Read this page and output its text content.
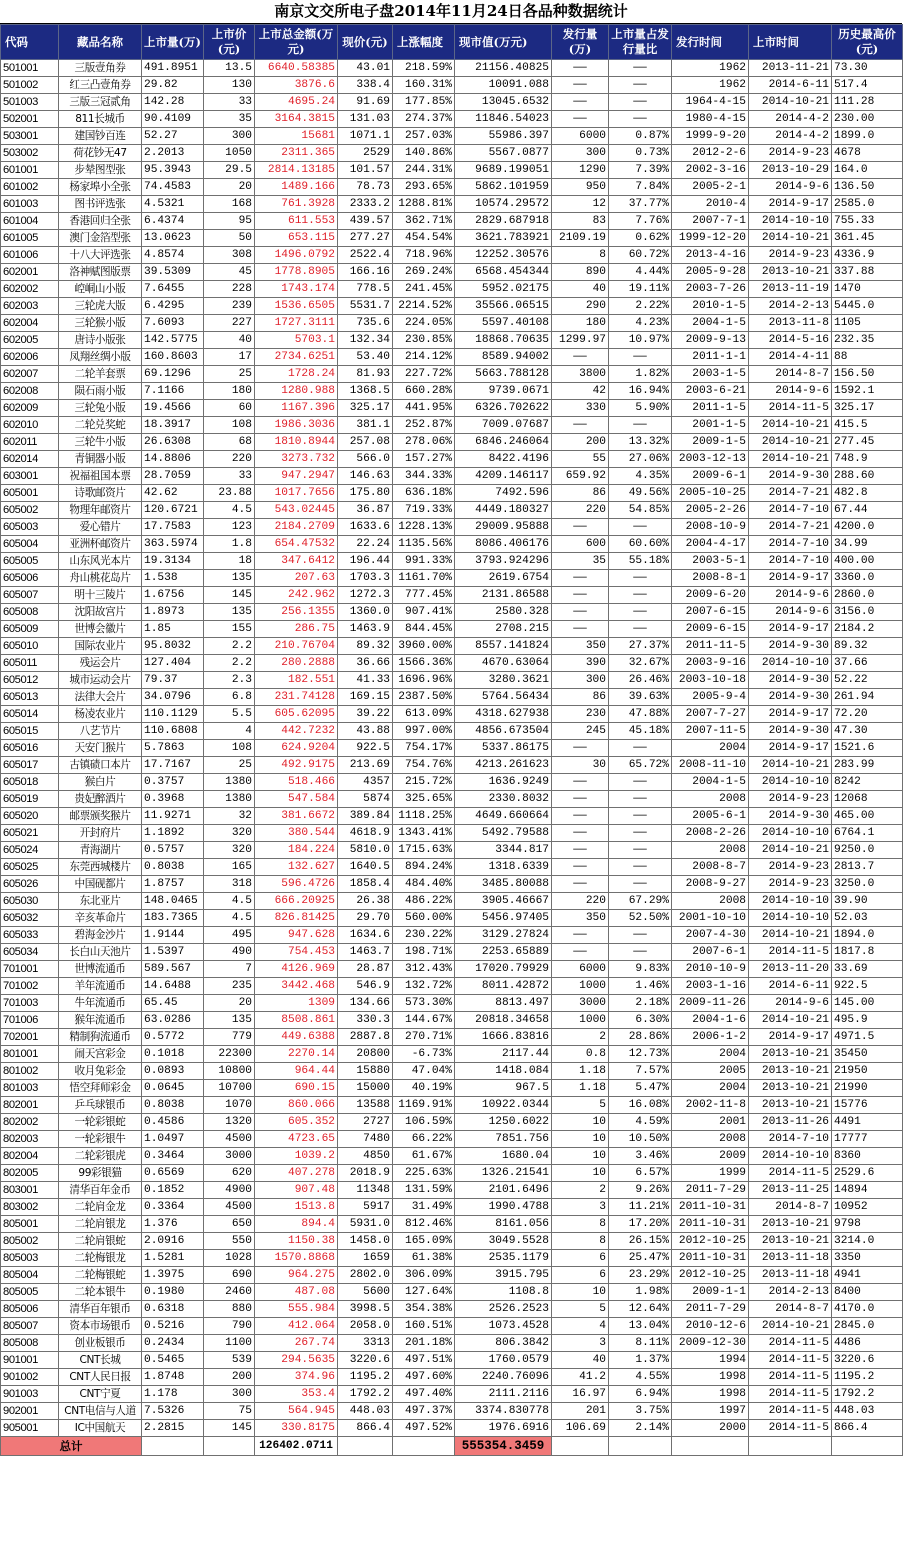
南京文交所电子盘2014年11月24日各品种数据统计
代码	藏品名称	上市量(万)	上市价(元)	上市总金额(万元)	现价(元)	上涨幅度	现市值(万元)	发行量(万)	上市量占发行量比	发行时间	上市时间	历史最高价(元)
501001	三版壹角券	491.8951	13.5	6640.58385	43.01	218.59%	21156.40825	——	——	1962	2013-11-21	73.30
501002	红三凸壹角券	29.82	130	3876.6	338.4	160.31%	10091.088	——	——	1962	2014-6-11	517.4
501003	三版三冠贰角	142.28	33	4695.24	91.69	177.85%	13045.6532	——	——	1964-4-15	2014-10-21	111.28
502001	811长城币	90.4109	35	3164.3815	131.03	274.37%	11846.54023	——	——	1980-4-15	2014-4-2	230.00
503001	建国钞百连	52.27	300	15681	1071.1	257.03%	55986.397	6000	0.87%	1999-9-20	2014-4-2	1899.0
503002	荷花钞无47	2.2013	1050	2311.365	2529	140.86%	5567.0877	300	0.73%	2012-2-6	2014-9-23	4678
601001	步辇图型张	95.3943	29.5	2814.13185	101.57	244.31%	9689.199051	1290	7.39%	2002-3-16	2013-10-29	164.0
601002	杨家埠小全张	74.4583	20	1489.166	78.73	293.65%	5862.101959	950	7.84%	2005-2-1	2014-9-6	136.50
601003	图书评选张	4.5321	168	761.3928	2333.2	1288.81%	10574.29572	12	37.77%	2010-4	2014-9-17	2585.0
601004	香港回归全张	6.4374	95	611.553	439.57	362.71%	2829.687918	83	7.76%	2007-7-1	2014-10-10	755.33
601005	澳门金箔型张	13.0623	50	653.115	277.27	454.54%	3621.783921	2109.19	0.62%	1999-12-20	2014-10-21	361.45
601006	十八大评选张	4.8574	308	1496.0792	2522.4	718.96%	12252.30576	8	60.72%	2013-4-16	2014-9-23	4336.9
602001	洛神赋图版票	39.5309	45	1778.8905	166.16	269.24%	6568.454344	890	4.44%	2005-9-28	2013-10-21	337.88
602002	崆峒山小版	7.6455	228	1743.174	778.5	241.45%	5952.02175	40	19.11%	2003-7-26	2013-11-19	1470
602003	三轮虎大版	6.4295	239	1536.6505	5531.7	2214.52%	35566.06515	290	2.22%	2010-1-5	2014-2-13	5445.0
602004	三轮猴小版	7.6093	227	1727.3111	735.6	224.05%	5597.40108	180	4.23%	2004-1-5	2013-11-8	1105
602005	唐诗小版张	142.5775	40	5703.1	132.34	230.85%	18868.70635	1299.97	10.97%	2009-9-13	2014-5-16	232.35
602006	凤翔丝绸小版	160.8603	17	2734.6251	53.40	214.12%	8589.94002	——	——	2011-1-1	2014-4-11	88
602007	二轮羊套票	69.1296	25	1728.24	81.93	227.72%	5663.788128	3800	1.82%	2003-1-5	2014-8-7	156.50
602008	陨石雨小版	7.1166	180	1280.988	1368.5	660.28%	9739.0671	42	16.94%	2003-6-21	2014-9-6	1592.1
602009	三轮兔小版	19.4566	60	1167.396	325.17	441.95%	6326.702622	330	5.90%	2011-1-5	2014-11-5	325.17
602010	二轮兑奖蛇	18.3917	108	1986.3036	381.1	252.87%	7009.07687	——	——	2001-1-5	2014-10-21	415.5
602011	三轮牛小版	26.6308	68	1810.8944	257.08	278.06%	6846.246064	200	13.32%	2009-1-5	2014-10-21	277.45
602014	青铜器小版	14.8806	220	3273.732	566.0	157.27%	8422.4196	55	27.06%	2003-12-13	2014-10-21	748.9
603001	祝福祖国本票	28.7059	33	947.2947	146.63	344.33%	4209.146117	659.92	4.35%	2009-6-1	2014-9-30	288.60
605001	诗歌邮资片	42.62	23.88	1017.7656	175.80	636.18%	7492.596	86	49.56%	2005-10-25	2014-7-21	482.8
605002	物理年邮资片	120.6721	4.5	543.02445	36.87	719.33%	4449.180327	220	54.85%	2005-2-26	2014-7-10	67.44
605003	爱心错片	17.7583	123	2184.2709	1633.6	1228.13%	29009.95888	——	——	2008-10-9	2014-7-21	4200.0
605004	亚洲杯邮资片	363.5974	1.8	654.47532	22.24	1135.56%	8086.406176	600	60.60%	2004-4-17	2014-7-10	34.99
605005	山东风光本片	19.3134	18	347.6412	196.44	991.33%	3793.924296	35	55.18%	2003-5-1	2014-7-10	400.00
605006	舟山桃花岛片	1.538	135	207.63	1703.3	1161.70%	2619.6754	——	——	2008-8-1	2014-9-17	3360.0
605007	明十三陵片	1.6756	145	242.962	1272.3	777.45%	2131.86588	——	——	2009-6-20	2014-9-6	2860.0
605008	沈阳故宫片	1.8973	135	256.1355	1360.0	907.41%	2580.328	——	——	2007-6-15	2014-9-6	3156.0
605009	世博会徽片	1.85	155	286.75	1463.9	844.45%	2708.215	——	——	2009-6-15	2014-9-17	2184.2
605010	国际农业片	95.8032	2.2	210.76704	89.32	3960.00%	8557.141824	350	27.37%	2011-11-5	2014-9-30	89.32
605011	残运会片	127.404	2.2	280.2888	36.66	1566.36%	4670.63064	390	32.67%	2003-9-16	2014-10-10	37.66
605012	城市运动会片	79.37	2.3	182.551	41.33	1696.96%	3280.3621	300	26.46%	2003-10-18	2014-9-30	52.22
605013	法律大会片	34.0796	6.8	231.74128	169.15	2387.50%	5764.56434	86	39.63%	2005-9-4	2014-9-30	261.94
605014	杨凌农业片	110.1129	5.5	605.62095	39.22	613.09%	4318.627938	230	47.88%	2007-7-27	2014-9-17	72.20
605015	八艺节片	110.6808	4	442.7232	43.88	997.00%	4856.673504	245	45.18%	2007-11-5	2014-9-30	47.30
605016	天安门猴片	5.7863	108	624.9204	922.5	754.17%	5337.86175	——	——	2004	2014-9-17	1521.6
605017	古镇碛口本片	17.7167	25	492.9175	213.69	754.76%	4213.261623	30	65.72%	2008-11-10	2014-10-21	283.99
605018	猴白片	0.3757	1380	518.466	4357	215.72%	1636.9249	——	——	2004-1-5	2014-10-10	8242
605019	贵妃醉酒片	0.3968	1380	547.584	5874	325.65%	2330.8032	——	——	2008	2014-9-23	12068
605020	邮票颁奖猴片	11.9271	32	381.6672	389.84	1118.25%	4649.660664	——	——	2005-6-1	2014-9-30	465.00
605021	开封府片	1.1892	320	380.544	4618.9	1343.41%	5492.79588	——	——	2008-2-26	2014-10-10	6764.1
605024	青海湖片	0.5757	320	184.224	5810.0	1715.63%	3344.817	——	——	2008	2014-10-21	9250.0
605025	东莞西城楼片	0.8038	165	132.627	1640.5	894.24%	1318.6339	——	——	2008-8-7	2014-9-23	2813.7
605026	中国砚都片	1.8757	318	596.4726	1858.4	484.40%	3485.80088	——	——	2008-9-27	2014-9-23	3250.0
605030	东北亚片	148.0465	4.5	666.20925	26.38	486.22%	3905.46667	220	67.29%	2008	2014-10-10	39.90
605032	辛亥革命片	183.7365	4.5	826.81425	29.70	560.00%	5456.97405	350	52.50%	2001-10-10	2014-10-10	52.03
605033	碧海金沙片	1.9144	495	947.628	1634.6	230.22%	3129.27824	——	——	2007-4-30	2014-10-21	1894.0
605034	长白山天池片	1.5397	490	754.453	1463.7	198.71%	2253.65889	——	——	2007-6-1	2014-11-5	1817.8
701001	世博流通币	589.567	7	4126.969	28.87	312.43%	17020.79929	6000	9.83%	2010-10-9	2013-11-20	33.69
701002	羊年流通币	14.6488	235	3442.468	546.9	132.72%	8011.42872	1000	1.46%	2003-1-16	2014-6-11	922.5
701003	牛年流通币	65.45	20	1309	134.66	573.30%	8813.497	3000	2.18%	2009-11-26	2014-9-6	145.00
701006	猴年流通币	63.0286	135	8508.861	330.3	144.67%	20818.34658	1000	6.30%	2004-1-6	2014-10-21	495.9
702001	精制狗流通币	0.5772	779	449.6388	2887.8	270.71%	1666.83816	2	28.86%	2006-1-2	2014-9-17	4971.5
801001	闹天宫彩金	0.1018	22300	2270.14	20800	-6.73%	2117.44	0.8	12.73%	2004	2013-10-21	35450
801002	收月兔彩金	0.0893	10800	964.44	15880	47.04%	1418.084	1.18	7.57%	2005	2013-10-21	21950
801003	悟空拜师彩金	0.0645	10700	690.15	15000	40.19%	967.5	1.18	5.47%	2004	2013-10-21	21990
802001	乒乓球银币	0.8038	1070	860.066	13588	1169.91%	10922.0344	5	16.08%	2002-11-8	2013-10-21	15776
802002	一轮彩银蛇	0.4586	1320	605.352	2727	106.59%	1250.6022	10	4.59%	2001	2013-11-26	4491
802003	一轮彩银牛	1.0497	4500	4723.65	7480	66.22%	7851.756	10	10.50%	2008	2014-7-10	17777
802004	二轮彩银虎	0.3464	3000	1039.2	4850	61.67%	1680.04	10	3.46%	2009	2014-10-10	8360
802005	99彩银猫	0.6569	620	407.278	2018.9	225.63%	1326.21541	10	6.57%	1999	2014-11-5	2529.6
803001	清华百年金币	0.1852	4900	907.48	11348	131.59%	2101.6496	2	9.26%	2011-7-29	2013-11-25	14894
803002	二轮肩金龙	0.3364	4500	1513.8	5917	31.49%	1990.4788	3	11.21%	2011-10-31	2014-8-7	10952
805001	二轮肩银龙	1.376	650	894.4	5931.0	812.46%	8161.056	8	17.20%	2011-10-31	2013-10-21	9798
805002	二轮肩银蛇	2.0916	550	1150.38	1458.0	165.09%	3049.5528	8	26.15%	2012-10-25	2013-10-21	3214.0
805003	二轮梅银龙	1.5281	1028	1570.8868	1659	61.38%	2535.1179	6	25.47%	2011-10-31	2013-11-18	3350
805004	二轮梅银蛇	1.3975	690	964.275	2802.0	306.09%	3915.795	6	23.29%	2012-10-25	2013-11-18	4941
805005	二轮本银牛	0.1980	2460	487.08	5600	127.64%	1108.8	10	1.98%	2009-1-1	2014-2-13	8400
805006	清华百年银币	0.6318	880	555.984	3998.5	354.38%	2526.2523	5	12.64%	2011-7-29	2014-8-7	4170.0
805007	资本市场银币	0.5216	790	412.064	2058.0	160.51%	1073.4528	4	13.04%	2010-12-6	2014-10-21	2845.0
805008	创业板银币	0.2434	1100	267.74	3313	201.18%	806.3842	3	8.11%	2009-12-30	2014-11-5	4486
901001	CNT长城	0.5465	539	294.5635	3220.6	497.51%	1760.0579	40	1.37%	1994	2014-11-5	3220.6
901002	CNT人民日报	1.8748	200	374.96	1195.2	497.60%	2240.76096	41.2	4.55%	1998	2014-11-5	1195.2
901003	CNT宁夏	1.178	300	353.4	1792.2	497.40%	2111.2116	16.97	6.94%	1998	2014-11-5	1792.2
902001	CNT电信与人道	7.5326	75	564.945	448.03	497.37%	3374.830778	201	3.75%	1997	2014-11-5	448.03
905001	IC中国航天	2.2815	145	330.8175	866.4	497.52%	1976.6916	106.69	2.14%	2000	2014-11-5	866.4
总计				126402.0711			555354.3459					
